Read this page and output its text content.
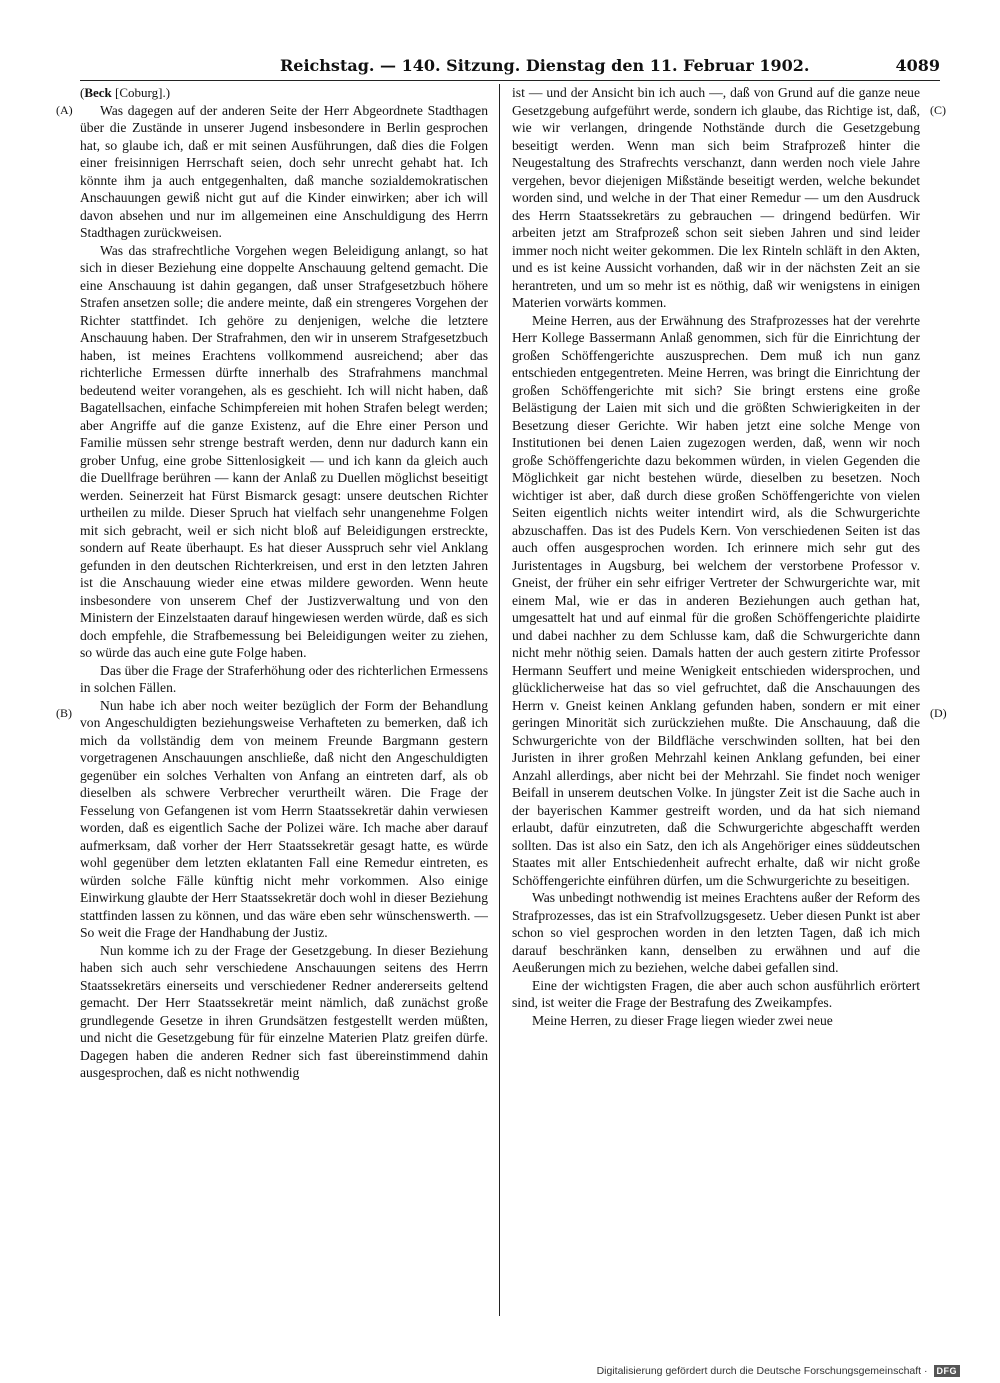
Reichstag. — 140. Sitzung. Dienstag den 11. Februar 1902.	4089
(Beck [Coburg].)

Was dagegen auf der anderen Seite der Herr Abgeordnete Stadthagen über die Zustände in unserer Jugend insbesondere in Berlin gesprochen hat, so glaube ich, daß er mit seinen Ausführungen, daß dies die Folgen einer freisinnigen Herrschaft seien, doch sehr unrecht gehabt hat. Ich könnte ihm ja auch entgegenhalten, daß manche sozialdemokratischen Anschauungen gewiß nicht gut auf die Kinder einwirken; aber ich will davon absehen und nur im allgemeinen eine Anschuldigung des Herrn Stadthagen zurückweisen.

Was das strafrechtliche Vorgehen wegen Beleidigung anlangt, so hat sich in dieser Beziehung eine doppelte Anschauung geltend gemacht. Die eine Anschauung ist dahin gegangen, daß unser Strafgesetzbuch höhere Strafen ansetzen solle; die andere meinte, daß ein strengeres Vorgehen der Richter stattfindet. Ich gehöre zu denjenigen, welche die letztere Anschauung haben. Der Strafrahmen, den wir in unserem Strafgesetzbuch haben, ist meines Erachtens vollkommend ausreichend; aber das richterliche Ermessen dürfte innerhalb des Strafrahmens manchmal bedeutend weiter vorangehen, als es geschieht. Ich will nicht haben, daß Bagatellsachen, einfache Schimpfereien mit hohen Strafen belegt werden; aber Angriffe auf die ganze Existenz, auf die Ehre einer Person und Familie müssen sehr strenge bestraft werden, denn nur dadurch kann ein grober Unfug, eine grobe Sittenlosigkeit — und ich kann da gleich auch die Duellfrage berühren — kann der Anlaß zu Duellen möglichst beseitigt werden. Seinerzeit hat Fürst Bismarck gesagt: unsere deutschen Richter urtheilen zu milde. Dieser Spruch hat vielfach sehr unangenehme Folgen mit sich gebracht, weil er sich nicht bloß auf Beleidigungen erstreckte, sondern auf Reate überhaupt. Es hat dieser Ausspruch sehr viel Anklang gefunden in den deutschen Richterkreisen, und erst in den letzten Jahren ist die Anschauung wieder eine etwas mildere geworden. Wenn heute insbesondere von unserem Chef der Justizverwaltung und von den Ministern der Einzelstaaten darauf hingewiesen werden würde, daß es sich doch empfehle, die Strafbemessung bei Beleidigungen weiter zu ziehen, so würde das auch eine gute Folge haben.

Das über die Frage der Straferhöhung oder des richterlichen Ermessens in solchen Fällen.

Nun habe ich aber noch weiter bezüglich der Form der Behandlung von Angeschuldigten beziehungsweise Verhafteten zu bemerken, daß ich mich da vollständig dem von meinem Freunde Bargmann gestern vorgetragenen Anschauungen anschließe, daß nicht den Angeschuldigten gegenüber ein solches Verhalten von Anfang an eintreten darf, als ob dieselben als schwere Verbrecher verurtheilt wären. Die Frage der Fesselung von Gefangenen ist vom Herrn Staatssekretär dahin verwiesen worden, daß es eigentlich Sache der Polizei wäre. Ich mache aber darauf aufmerksam, daß vorher der Herr Staatssekretär gesagt hatte, es würde wohl gegenüber dem letzten eklatanten Fall eine Remedur eintreten, es würden solche Fälle künftig nicht mehr vorkommen. Also einige Einwirkung glaubte der Herr Staatssekretär doch wohl in dieser Beziehung stattfinden lassen zu können, und das wäre eben sehr wünschenswerth. — So weit die Frage der Handhabung der Justiz.

Nun komme ich zu der Frage der Gesetzgebung. In dieser Beziehung haben sich auch sehr verschiedene Anschauungen seitens des Herrn Staatssekretärs einerseits und verschiedener Redner andererseits geltend gemacht. Der Herr Staatssekretär meint nämlich, daß zunächst große grundlegende Gesetze in ihren Grundsätzen festgestellt werden müßten, und nicht die Gesetzgebung für für einzelne Materien Platz greifen dürfe. Dagegen haben die anderen Redner sich fast übereinstimmend dahin ausgesprochen, daß es nicht nothwendig

ist — und der Ansicht bin ich auch —, daß von Grund auf die ganze neue Gesetzgebung aufgeführt werde, sondern ich glaube, das Richtige ist, daß, wie wir verlangen, dringende Nothstände durch die Gesetzgebung beseitigt werden. Wenn man sich beim Strafprozeß hinter die Neugestaltung des Strafrechts verschanzt, dann werden noch viele Jahre vergehen, bevor diejenigen Mißstände beseitigt werden, welche bekundet worden sind, und welche in der That einer Remedur — um den Ausdruck des Herrn Staatssekretärs zu gebrauchen — dringend bedürfen. Wir arbeiten jetzt am Strafprozeß schon seit sieben Jahren und sind leider immer noch nicht weiter gekommen. Die lex Rinteln schläft in den Akten, und es ist keine Aussicht vorhanden, daß wir in der nächsten Zeit an sie herantreten, und um so mehr ist es nöthig, daß wir wenigstens in einigen Materien vorwärts kommen.

Meine Herren, aus der Erwähnung des Strafprozesses hat der verehrte Herr Kollege Bassermann Anlaß genommen, sich für die Einrichtung der großen Schöffengerichte auszusprechen. Dem muß ich nun ganz entschieden entgegentreten. Meine Herren, was bringt die Einrichtung der großen Schöffengerichte mit sich? Sie bringt erstens eine große Belästigung der Laien mit sich und die größten Schwierigkeiten in der Besetzung dieser Gerichte. Wir haben jetzt eine solche Menge von Institutionen bei denen Laien zugezogen werden, daß, wenn wir noch große Schöffengerichte dazu bekommen würden, in vielen Gegenden die Möglichkeit gar nicht bestehen würde, dieselben zu besetzen. Noch wichtiger ist aber, daß durch diese großen Schöffengerichte von vielen Seiten eigentlich nichts weiter intendirt wird, als die Schwurgerichte abzuschaffen. Das ist des Pudels Kern. Von verschiedenen Seiten ist das auch offen ausgesprochen worden. Ich erinnere mich sehr gut des Juristentages in Augsburg, bei welchem der verstorbene Professor v. Gneist, der früher ein sehr eifriger Vertreter der Schwurgerichte war, mit einem Mal, wie er das in anderen Beziehungen auch gethan hat, umgesattelt hat und auf einmal für die großen Schöffengerichte plaidirte und dabei nachher zu dem Schlusse kam, daß die Schwurgerichte dann nicht mehr nöthig seien. Damals hatten der auch gestern zitirte Professor Hermann Seuffert und meine Wenigkeit entschieden widersprochen, und glücklicherweise hat das so viel gefruchtet, daß die Anschauungen des Herrn v. Gneist keinen Anklang gefunden haben, sondern er mit einer geringen Minorität sich zurückziehen mußte. Die Anschauung, daß die Schwurgerichte von der Bildfläche verschwinden sollten, hat bei den Juristen in ihrer großen Mehrzahl keinen Anklang gefunden, bei einer Anzahl allerdings, aber nicht bei der Mehrzahl. Sie findet noch weniger Beifall in unserem deutschen Volke. In jüngster Zeit ist die Sache auch in der bayerischen Kammer gestreift worden, und da hat sich niemand erlaubt, dafür einzutreten, daß die Schwurgerichte abgeschafft werden sollten. Das ist also ein Satz, den ich als Angehöriger eines süddeutschen Staates mit aller Entschiedenheit aufrecht erhalte, daß wir nicht große Schöffengerichte einführen dürfen, um die Schwurgerichte zu beseitigen.

Was unbedingt nothwendig ist meines Erachtens außer der Reform des Strafprozesses, das ist ein Strafvollzugsgesetz. Ueber diesen Punkt ist aber schon so viel gesprochen worden in den letzten Tagen, daß ich mich darauf beschränken kann, denselben zu erwähnen und auf die Aeußerungen mich zu beziehen, welche dabei gefallen sind.

Eine der wichtigsten Fragen, die aber auch schon ausführlich erörtert sind, ist weiter die Frage der Bestrafung des Zweikampfes.

Meine Herren, zu dieser Frage liegen wieder zwei neue

(A)
(B)
(C)
(D)
Digitalisierung gefördert durch die Deutsche Forschungsgemeinschaft ·	DFG
